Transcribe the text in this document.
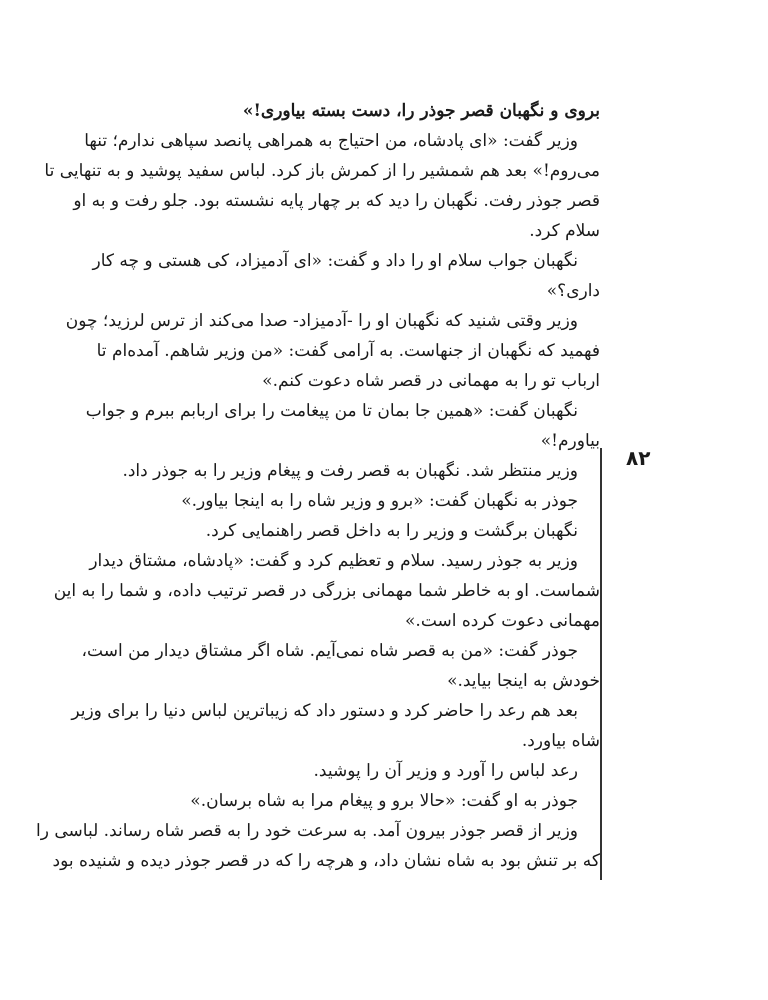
بروی و نگهبان قصر جوذر را، دست بسته بیاوری!»
وزیر گفت: «ای پادشاه، من احتیاج به همراهی پانصد سپاهی ندارم؛ تنها
می‌روم!» بعد هم شمشیر را از کمرش باز کرد. لباس سفید پوشید و به تنهایی تا
قصر جوذر رفت. نگهبان را دید که بر چهار پایه نشسته بود. جلو رفت و به او
سلام کرد.
نگهبان جواب سلام او را داد و گفت: «ای آدمیزاد، کی هستی و چه کار
داری؟»
وزیر وقتی شنید که نگهبان او را -آدمیزاد- صدا می‌کند از ترس لرزید؛ چون
فهمید که نگهبان از جنهاست. به آرامی گفت: «من وزیر شاهم. آمده‌ام تا
ارباب تو را به مهمانی در قصر شاه دعوت کنم.»
نگهبان گفت: «همین جا بمان تا من پیغامت را برای اربابم ببرم و جواب
بیاورم!»
وزیر منتظر شد. نگهبان به قصر رفت و پیغام وزیر را به جوذر داد.
جوذر به نگهبان گفت: «برو و وزیر شاه را به اینجا بیاور.»
نگهبان برگشت و وزیر را به داخل قصر راهنمایی کرد.
وزیر به جوذر رسید. سلام و تعظیم کرد و گفت: «پادشاه، مشتاق دیدار
شماست. او به خاطر شما مهمانی بزرگی در قصر ترتیب داده، و شما را به این
مهمانی دعوت کرده است.»
جوذر گفت: «من به قصر شاه نمی‌آیم. شاه اگر مشتاق دیدار من است،
خودش به اینجا بیاید.»
بعد هم رعد را حاضر کرد و دستور داد که زیباترین لباس دنیا را برای وزیر
شاه بیاورد.
رعد لباس را آورد و وزیر آن را پوشید.
جوذر به او گفت: «حالا برو و پیغام مرا به شاه برسان.»
وزیر از قصر جوذر بیرون آمد. به سرعت خود را به قصر شاه رساند. لباسی را
که بر تنش بود به شاه نشان داد، و هرچه را که در قصر جوذر دیده و شنیده بود
۸۲
